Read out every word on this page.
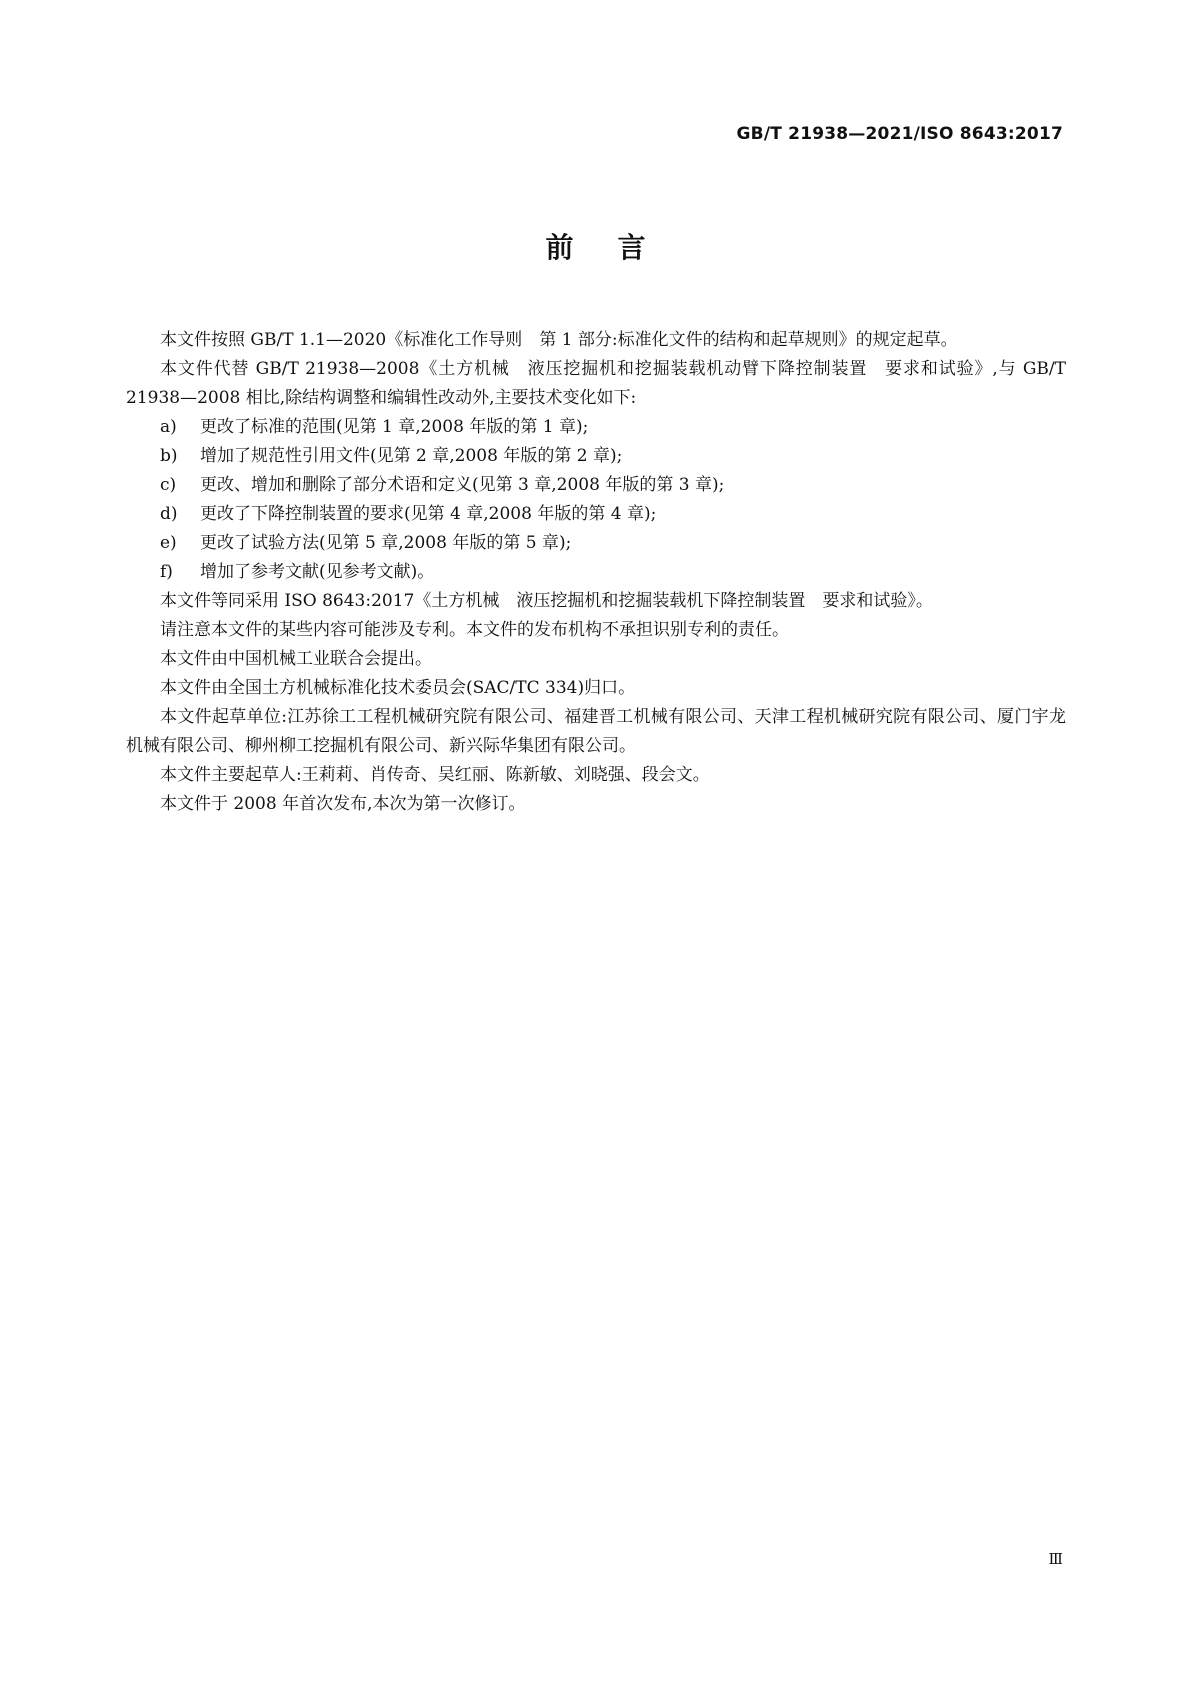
GB/T 21938—2021/ISO 8643:2017
前言

本文件按照 GB/T 1.1—2020《标准化工作导则　第 1 部分:标准化文件的结构和起草规则》的规定起草。

本文件代替 GB/T 21938—2008《土方机械　液压挖掘机和挖掘装载机动臂下降控制装置　要求和试验》,与 GB/T 21938—2008 相比,除结构调整和编辑性改动外,主要技术变化如下:

a) 更改了标准的范围(见第 1 章,2008 年版的第 1 章);
b) 增加了规范性引用文件(见第 2 章,2008 年版的第 2 章);
c) 更改、增加和删除了部分术语和定义(见第 3 章,2008 年版的第 3 章);
d) 更改了下降控制装置的要求(见第 4 章,2008 年版的第 4 章);
e) 更改了试验方法(见第 5 章,2008 年版的第 5 章);
f) 增加了参考文献(见参考文献)。

本文件等同采用 ISO 8643:2017《土方机械　液压挖掘机和挖掘装载机下降控制装置　要求和试验》。

请注意本文件的某些内容可能涉及专利。本文件的发布机构不承担识别专利的责任。

本文件由中国机械工业联合会提出。

本文件由全国土方机械标准化技术委员会(SAC/TC 334)归口。

本文件起草单位:江苏徐工工程机械研究院有限公司、福建晋工机械有限公司、天津工程机械研究院有限公司、厦门宇龙机械有限公司、柳州柳工挖掘机有限公司、新兴际华集团有限公司。

本文件主要起草人:王莉莉、肖传奇、吴红丽、陈新敏、刘晓强、段会文。

本文件于 2008 年首次发布,本次为第一次修订。

Ⅲ
